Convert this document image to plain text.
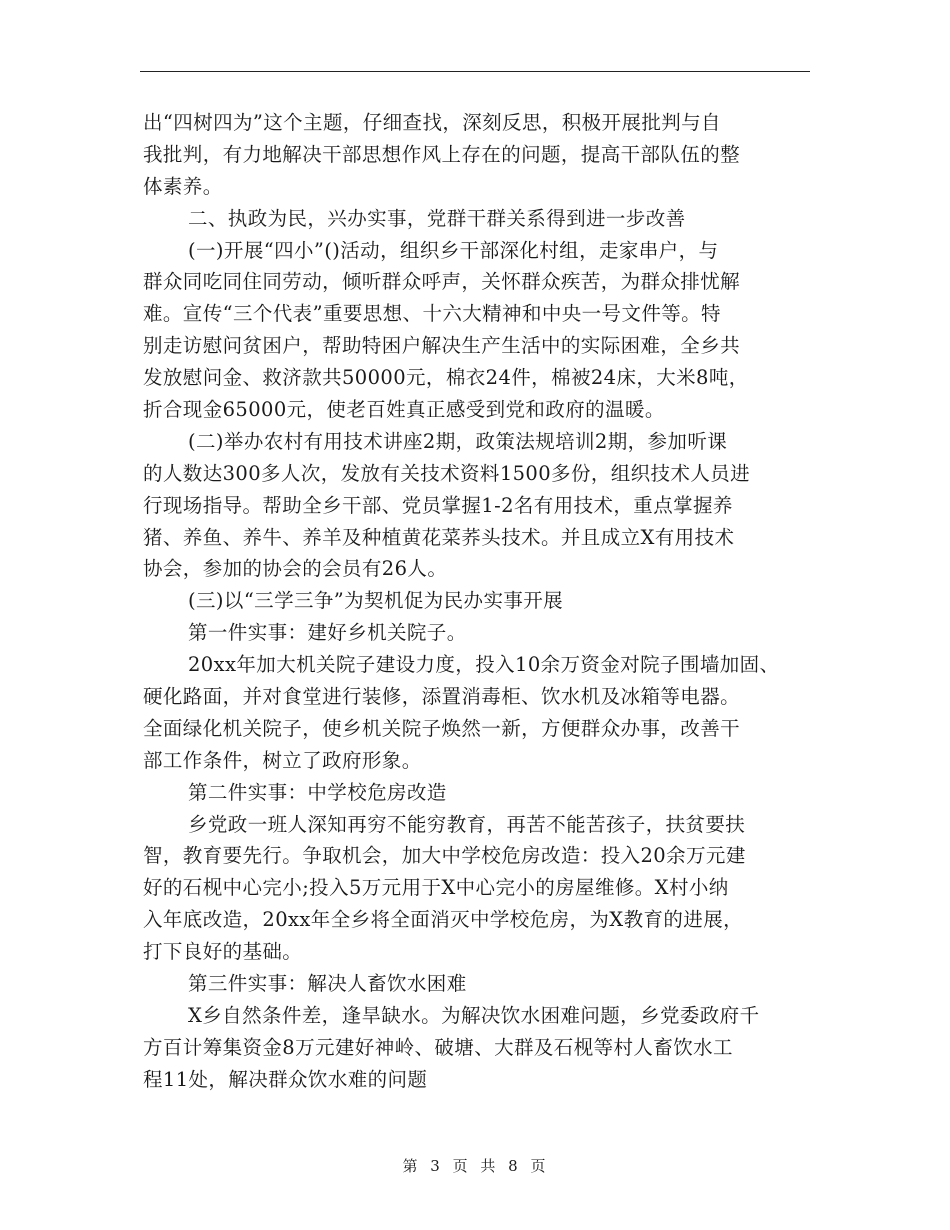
出“四树四为”这个主题，仔细查找，深刻反思，积极开展批判与自
我批判，有力地解决干部思想作风上存在的问题，提高干部队伍的整
体素养。
二、执政为民，兴办实事，党群干群关系得到进一步改善
(一)开展“四小”()活动，组织乡干部深化村组，走家串户，与
群众同吃同住同劳动，倾听群众呼声，关怀群众疾苦，为群众排忧解
难。宣传“三个代表”重要思想、十六大精神和中央一号文件等。特
别走访慰问贫困户，帮助特困户解决生产生活中的实际困难，全乡共
发放慰问金、救济款共50000元，棉衣24件，棉被24床，大米8吨，
折合现金65000元，使老百姓真正感受到党和政府的温暖。
(二)举办农村有用技术讲座2期，政策法规培训2期，参加听课
的人数达300多人次，发放有关技术资料1500多份，组织技术人员进
行现场指导。帮助全乡干部、党员掌握1-2名有用技术，重点掌握养
猪、养鱼、养牛、养羊及种植黄花菜荞头技术。并且成立X有用技术
协会，参加的协会的会员有26人。
(三)以“三学三争”为契机促为民办实事开展
第一件实事：建好乡机关院子。
20xx年加大机关院子建设力度，投入10余万资金对院子围墙加固、
硬化路面，并对食堂进行装修，添置消毒柜、饮水机及冰箱等电器。
全面绿化机关院子，使乡机关院子焕然一新，方便群众办事，改善干
部工作条件，树立了政府形象。
第二件实事：中学校危房改造
乡党政一班人深知再穷不能穷教育，再苦不能苦孩子，扶贫要扶
智，教育要先行。争取机会，加大中学校危房改造：投入20余万元建
好的石枧中心完小;投入5万元用于X中心完小的房屋维修。X村小纳
入年底改造，20xx年全乡将全面消灭中学校危房，为X教育的进展，
打下良好的基础。
第三件实事：解决人畜饮水困难
X乡自然条件差，逢旱缺水。为解决饮水困难问题，乡党委政府千
方百计筹集资金8万元建好神岭、破塘、大群及石枧等村人畜饮水工
程11处，解决群众饮水难的问题
第 3 页 共 8 页
